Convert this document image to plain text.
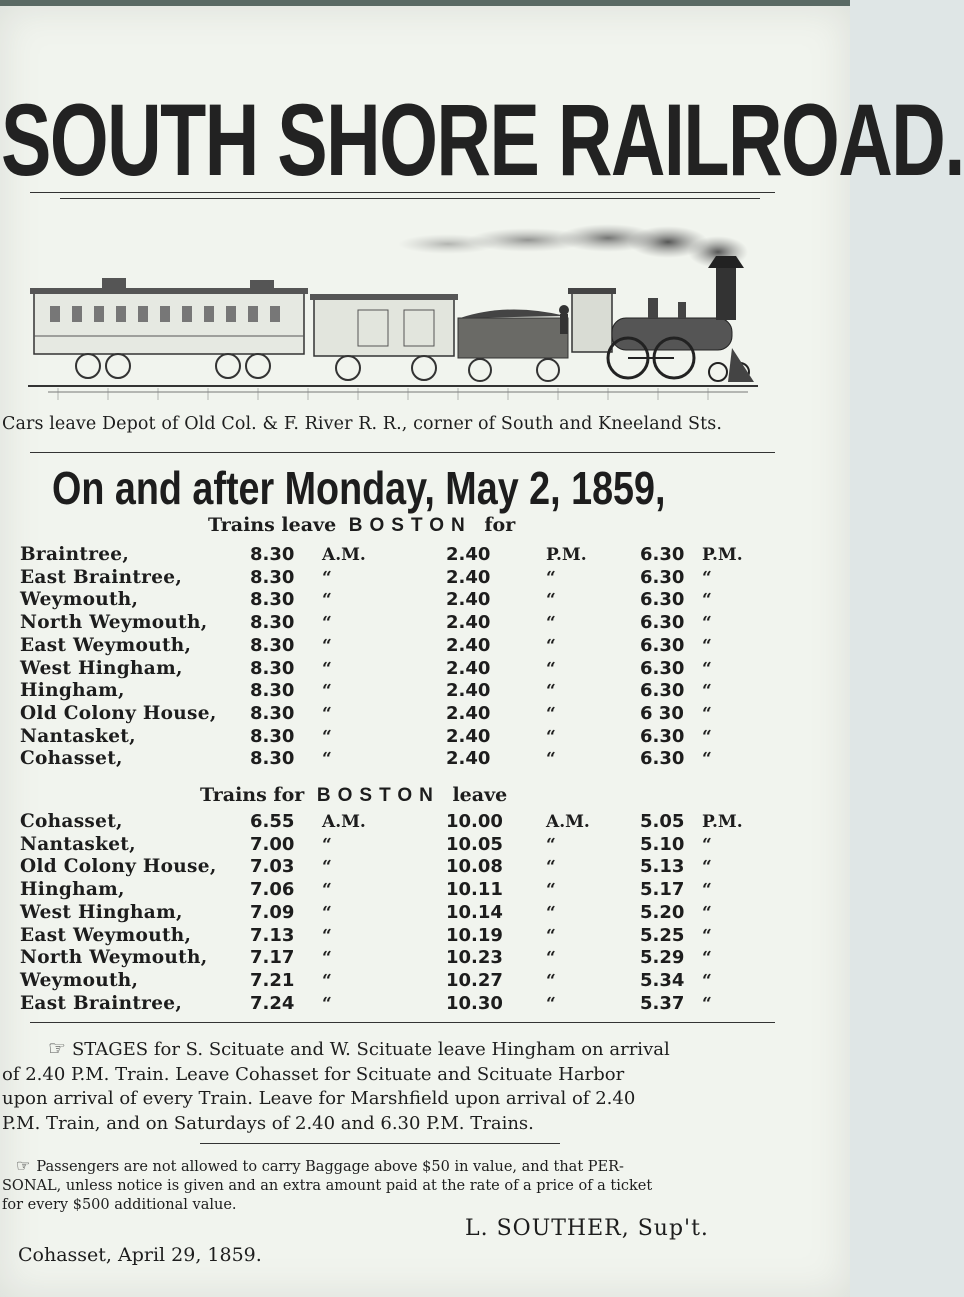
SOUTH SHORE RAILROAD.
Cars leave Depot of Old Col. & F. River R. R., corner of South and Kneeland Sts.
On and after Monday, May 2, 1859,
Trains leave BOSTON for
Braintree,	8.30	A.M.	2.40	P.M.	6.30	P.M.
East Braintree,	8.30	“	2.40	“	6.30	“
Weymouth,	8.30	“	2.40	“	6.30	“
North Weymouth,	8.30	“	2.40	“	6.30	“
East Weymouth,	8.30	“	2.40	“	6.30	“
West Hingham,	8.30	“	2.40	“	6.30	“
Hingham,	8.30	“	2.40	“	6.30	“
Old Colony House,	8.30	“	2.40	“	6 30	“
Nantasket,	8.30	“	2.40	“	6.30	“
Cohasset,	8.30	“	2.40	“	6.30	“
Trains for BOSTON leave
Cohasset,	6.55	A.M.	10.00	A.M.	5.05	P.M.
Nantasket,	7.00	“	10.05	“	5.10	“
Old Colony House,	7.03	“	10.08	“	5.13	“
Hingham,	7.06	“	10.11	“	5.17	“
West Hingham,	7.09	“	10.14	“	5.20	“
East Weymouth,	7.13	“	10.19	“	5.25	“
North Weymouth,	7.17	“	10.23	“	5.29	“
Weymouth,	7.21	“	10.27	“	5.34	“
East Braintree,	7.24	“	10.30	“	5.37	“
☞ STAGES for S. Scituate and W. Scituate leave Hingham on arrival
of 2.40 P.M. Train. Leave Cohasset for Scituate and Scituate Harbor
upon arrival of every Train. Leave for Marshfield upon arrival of 2.40
P.M. Train, and on Saturdays of 2.40 and 6.30 P.M. Trains.
☞ Passengers are not allowed to carry Baggage above $50 in value, and that PER-
SONAL, unless notice is given and an extra amount paid at the rate of a price of a ticket
for every $500 additional value.
L. SOUTHER, Sup't.
Cohasset, April 29, 1859.
